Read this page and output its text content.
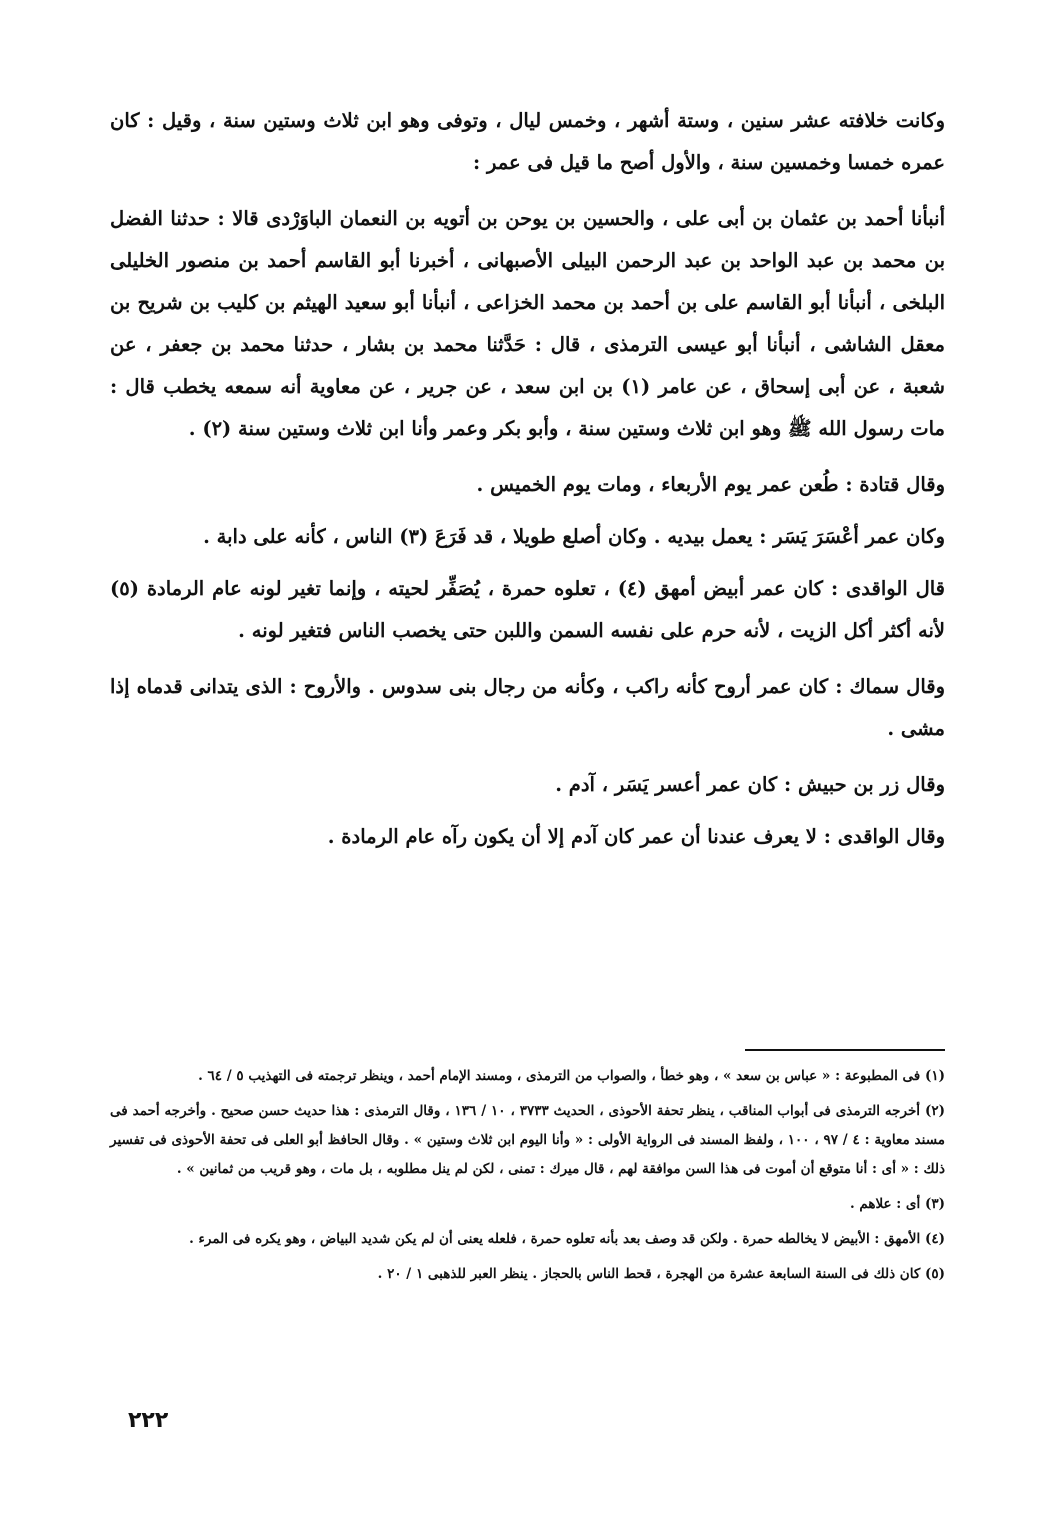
وكانت خلافته عشر سنين ، وستة أشهر ، وخمس ليال ، وتوفى وهو ابن ثلاث وستين سنة ، وقيل : كان عمره خمسا وخمسين سنة ، والأول أصح ما قيل فى عمر :

أنبأنا أحمد بن عثمان بن أبى على ، والحسين بن يوحن بن أتويه بن النعمان الباوَرْدى قالا : حدثنا الفضل بن محمد بن عبد الواحد بن عبد الرحمن البيلى الأصبهانى ، أخبرنا أبو القاسم أحمد بن منصور الخليلى البلخى ، أنبأنا أبو القاسم على بن أحمد بن محمد الخزاعى ، أنبأنا أبو سعيد الهيثم بن كليب بن شريح بن معقل الشاشى ، أنبأنا أبو عيسى الترمذى ، قال : حَدَّثنا محمد بن بشار ، حدثنا محمد بن جعفر ، عن شعبة ، عن أبى إسحاق ، عن عامر (١) بن ابن سعد ، عن جرير ، عن معاوية أنه سمعه يخطب قال : مات رسول الله ﷺ وهو ابن ثلاث وستين سنة ، وأبو بكر وعمر وأنا ابن ثلاث وستين سنة (٢) .

وقال قتادة : طُعن عمر يوم الأربعاء ، ومات يوم الخميس .

وكان عمر أعْسَرَ يَسَر : يعمل بيديه . وكان أصلع طويلا ، قد فَرَعَ (٣) الناس ، كأنه على دابة .

قال الواقدى : كان عمر أبيض أمهق (٤) ، تعلوه حمرة ، يُصَفِّر لحيته ، وإنما تغير لونه عام الرمادة (٥) لأنه أكثر أكل الزيت ، لأنه حرم على نفسه السمن واللبن حتى يخصب الناس فتغير لونه .

وقال سماك : كان عمر أروح كأنه راكب ، وكأنه من رجال بنى سدوس . والأروح : الذى يتدانى قدماه إذا مشى .

وقال زر بن حبيش : كان عمر أعسر يَسَر ، آدم .

وقال الواقدى : لا يعرف عندنا أن عمر كان آدم إلا أن يكون رآه عام الرمادة .

(١) فى المطبوعة : « عباس بن سعد » ، وهو خطأ ، والصواب من الترمذى ، ومسند الإمام أحمد ، وينظر ترجمته فى التهذيب ٥ / ٦٤ .

(٢) أخرجه الترمذى فى أبواب المناقب ، ينظر تحفة الأحوذى ، الحديث ٣٧٣٣ ، ١٠ / ١٣٦ ، وقال الترمذى : هذا حديث حسن صحيح . وأخرجه أحمد فى مسند معاوية : ٤ / ٩٧ ، ١٠٠ ، ولفظ المسند فى الرواية الأولى : « وأنا اليوم ابن ثلاث وستين » . وقال الحافظ أبو العلى فى تحفة الأحوذى فى تفسير ذلك : « أى : أنا متوقع أن أموت فى هذا السن موافقة لهم ، قال ميرك : تمنى ، لكن لم ينل مطلوبه ، بل مات ، وهو قريب من ثمانين » .

(٣) أى : علاهم .

(٤) الأمهق : الأبيض لا يخالطه حمرة . ولكن قد وصف بعد بأنه تعلوه حمرة ، فلعله يعنى أن لم يكن شديد البياض ، وهو يكره فى المرء .

(٥) كان ذلك فى السنة السابعة عشرة من الهجرة ، قحط الناس بالحجاز . ينظر العبر للذهبى ١ / ٢٠ .

٢٢٢
